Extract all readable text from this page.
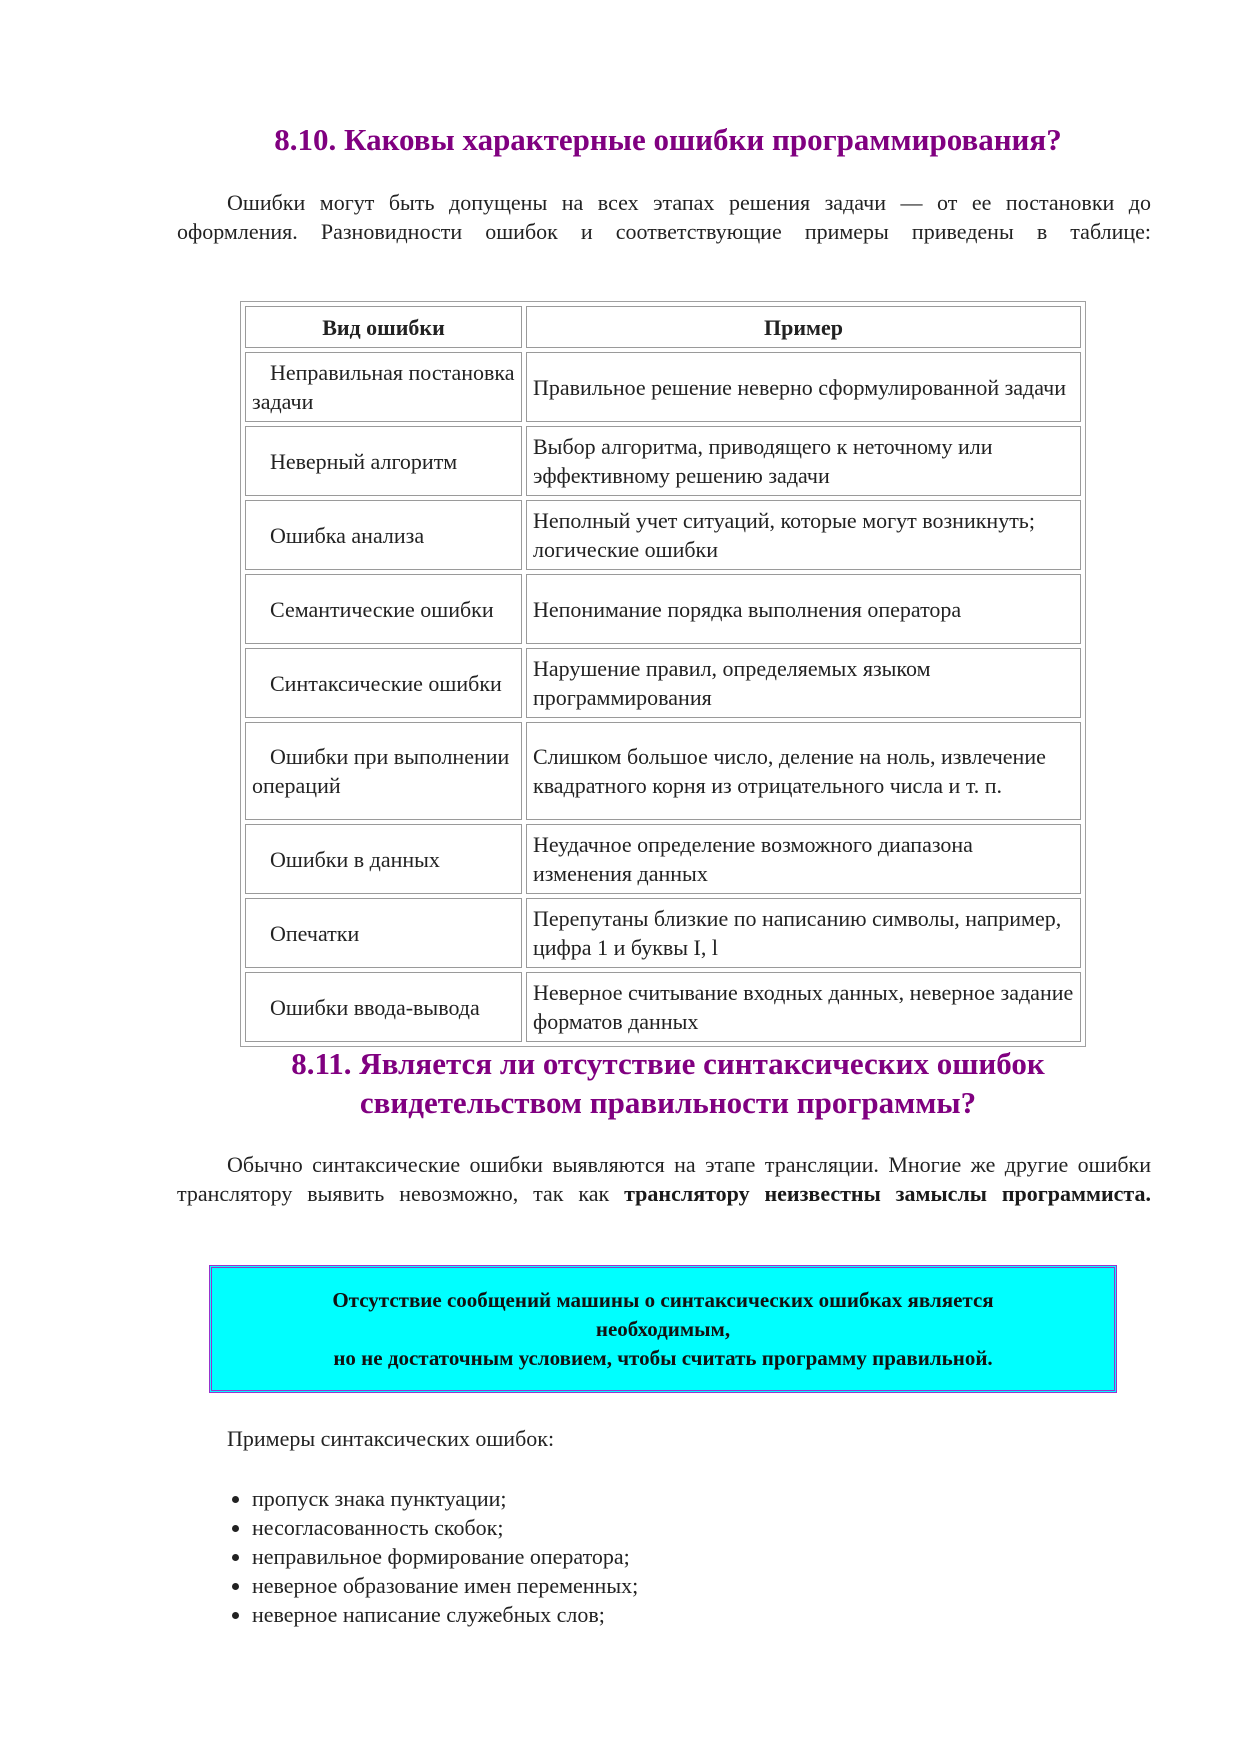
8.10. Каковы характерные ошибки программирования?

Ошибки могут быть допущены на всех этапах решения задачи — от ее постановки до оформления. Разновидности ошибок и соответствующие примеры приведены в таблице:

Вид ошибки	Пример
Неправильная постановка задачи	Правильное решение неверно сформулированной задачи
Неверный алгоритм	Выбор алгоритма, приводящего к неточному или эффективному решению задачи
Ошибка анализа	Неполный учет ситуаций, которые могут возникнуть; логические ошибки
Семантические ошибки	Непонимание порядка выполнения оператора
Синтаксические ошибки	Нарушение правил, определяемых языком программирования
Ошибки при выполнении операций	Слишком большое число, деление на ноль, извлечение квадратного корня из отрицательного числа и т. п.
Ошибки в данных	Неудачное определение возможного диапазона изменения данных
Опечатки	Перепутаны близкие по написанию символы, например, цифра 1 и буквы I, l
Ошибки ввода-вывода	Неверное считывание входных данных, неверное задание форматов данных
8.11. Является ли отсутствие синтаксических ошибок
свидетельством правильности программы?

Обычно синтаксические ошибки выявляются на этапе трансляции. Многие же другие ошибки транслятору выявить невозможно, так как транслятору неизвестны замыслы программиста.

Отсутствие сообщений машины о синтаксических ошибках является
необходимым,
но не достаточным условием, чтобы считать программу правильной.

Примеры синтаксических ошибок:

• пропуск знака пунктуации;
• несогласованность скобок;
• неправильное формирование оператора;
• неверное образование имен переменных;
• неверное написание служебных слов;
